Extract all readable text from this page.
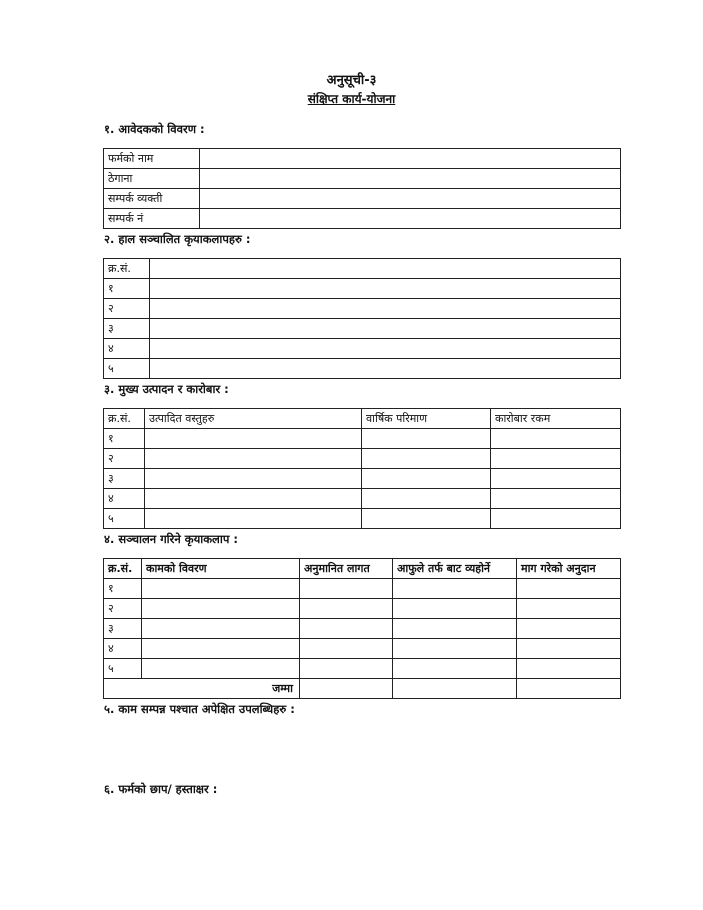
अनुसूची-३
संक्षिप्त कार्य-योजना
१. आवेदकको विवरण :
फर्मको नाम	
ठेगाना	
सम्पर्क व्यक्ती	
सम्पर्क नं	
२. हाल सञ्चालित कृयाकलापहरु :
क्र.सं.	
१	
२	
३	
४	
५	
३. मुख्य उत्पादन र कारोबार :
क्र.सं.	उत्पादित वस्तुहरु	वार्षिक परिमाण	कारोबार रकम
१			
२			
३			
४			
५			
४. सञ्चालन गरिने कृयाकलाप :
क्र.सं.	कामको विवरण	अनुमानित लागत	आफुले तर्फ बाट व्यहोर्ने	माग गरेको अनुदान
१				
२				
३				
४				
५				
जम्मा				
५. काम सम्पन्न पश्चात अपेक्षित उपलब्धिहरु :
६. फर्मको छाप/ हस्ताक्षर :
